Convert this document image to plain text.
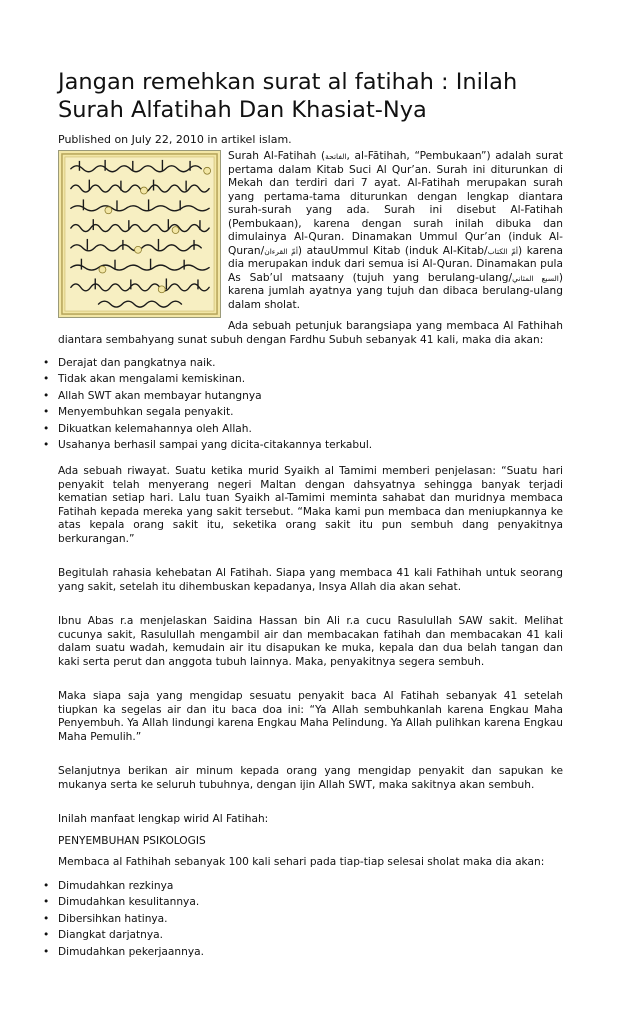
Jangan remehkan surat al fatihah : Inilah Surah Alfatihah Dan Khasiat-Nya
Published on July 22, 2010 in artikel islam.

Surah Al-Fatihah (الفاتحة, al-Fātihah, “Pembukaan”) adalah surat pertama dalam Kitab Suci Al Qur’an. Surah ini diturunkan di Mekah dan terdiri dari 7 ayat. Al-Fatihah merupakan surah yang pertama-tama diturunkan dengan lengkap diantara surah-surah yang ada. Surah ini disebut Al-Fatihah (Pembukaan), karena dengan surah inilah dibuka dan dimulainya Al-Quran. Dinamakan Ummul Qur’an (induk Al-Quran/أمّ القرءان) atauUmmul Kitab (induk Al-Kitab/أمّ الكتاب) karena dia merupakan induk dari semua isi Al-Quran. Dinamakan pula As Sab’ul matsaany (tujuh yang berulang-ulang/السبع المثاني) karena jumlah ayatnya yang tujuh dan dibaca berulang-ulang dalam sholat.

Ada sebuah petunjuk barangsiapa yang membaca Al Fathihah diantara sembahyang sunat subuh dengan Fardhu Subuh sebanyak 41 kali, maka dia akan:

• Derajat dan pangkatnya naik.
• Tidak akan mengalami kemiskinan.
• Allah SWT akan membayar hutangnya
• Menyembuhkan segala penyakit.
• Dikuatkan kelemahannya oleh Allah.
• Usahanya berhasil sampai yang dicita-citakannya terkabul.

Ada sebuah riwayat. Suatu ketika murid Syaikh al Tamimi memberi penjelasan: “Suatu hari penyakit telah menyerang negeri Maltan dengan dahsyatnya sehingga banyak terjadi kematian setiap hari. Lalu tuan Syaikh al-Tamimi meminta sahabat dan muridnya membaca Fatihah kepada mereka yang sakit tersebut. “Maka kami pun membaca dan meniupkannya ke atas kepala orang sakit itu, seketika orang sakit itu pun sembuh dang penyakitnya berkurangan.”

Begitulah rahasia kehebatan Al Fatihah. Siapa yang membaca 41 kali Fathihah untuk seorang yang sakit, setelah itu dihembuskan kepadanya, Insya Allah dia akan sehat.

Ibnu Abas r.a menjelaskan Saidina Hassan bin Ali r.a cucu Rasulullah SAW sakit. Melihat cucunya sakit, Rasulullah mengambil air dan membacakan fatihah dan membacakan 41 kali dalam suatu wadah, kemudain air itu disapukan ke muka, kepala dan dua belah tangan dan kaki serta perut dan anggota tubuh lainnya. Maka, penyakitnya segera sembuh.

Maka siapa saja yang mengidap sesuatu penyakit baca Al Fatihah sebanyak 41 setelah tiupkan ka segelas air dan itu baca doa ini: “Ya Allah sembuhkanlah karena Engkau Maha Penyembuh. Ya Allah lindungi karena Engkau Maha Pelindung. Ya Allah pulihkan karena Engkau Maha Pemulih.”

Selanjutnya berikan air minum kepada orang yang mengidap penyakit dan sapukan ke mukanya serta ke seluruh tubuhnya, dengan ijin Allah SWT, maka sakitnya akan sembuh.

Inilah manfaat lengkap wirid Al Fatihah:

PENYEMBUHAN PSIKOLOGIS

Membaca al Fathihah sebanyak 100 kali sehari pada tiap-tiap selesai sholat maka dia akan:

• Dimudahkan rezkinya
• Dimudahkan kesulitannya.
• Dibersihkan hatinya.
• Diangkat darjatnya.
• Dimudahkan pekerjaannya.
